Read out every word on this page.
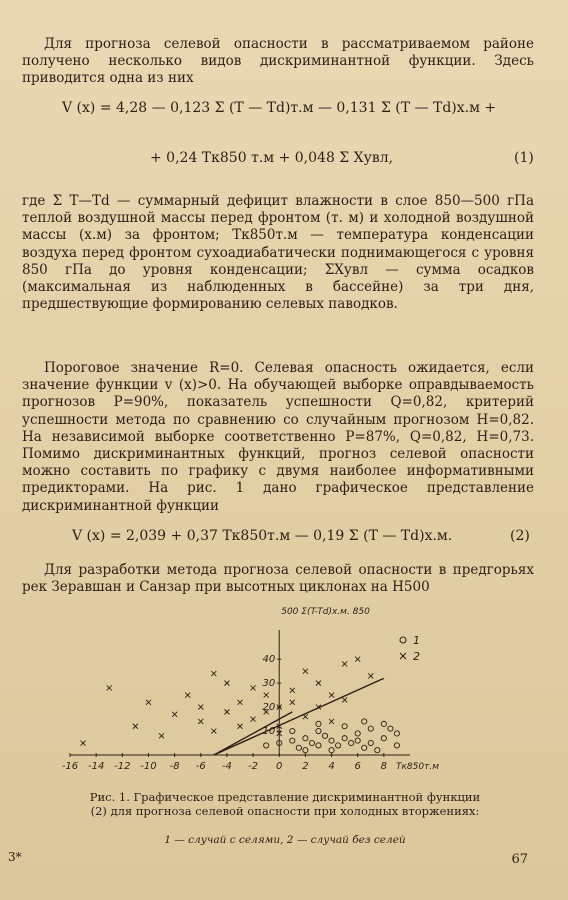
Для прогноза селевой опасности в рассматриваемом районе получено несколько видов дискриминантной функции. Здесь приводится одна из них

V (x) = 4,28 — 0,123 Σ (T — Td)т.м — 0,131 Σ (T — Td)х.м +
+ 0,24 Tк850 т.м + 0,048 Σ Xувл,	(1)

где Σ T—Td — суммарный дефицит влажности в слое 850—500 гПа теплой воздушной массы перед фронтом (т. м) и холодной воздушной массы (х.м) за фронтом; Tк850т.м — температура конденсации воздуха перед фронтом сухоадиабатически поднимающегося с уровня 850 гПа до уровня конденсации; ΣXувл — сумма осадков (максимальная из наблюденных в бассейне) за три дня, предшествующие формированию селевых паводков.

Пороговое значение R=0. Селевая опасность ожидается, если значение функции v (x)>0. На обучающей выборке оправдываемость прогнозов P=90%, показатель успешности Q=0,82, критерий успешности метода по сравнению со случайным прогнозом H=0,82. На независимой выборке соответственно P=87%, Q=0,82, H=0,73. Помимо дискриминантных функций, прогноз селевой опасности можно составить по графику с двумя наиболее информативными предикторами. На рис. 1 дано графическое представление дискриминантной функции

V (x) = 2,039 + 0,37 Tк850т.м — 0,19 Σ (T — Td)х.м.	(2)

Для разработки метода прогноза селевой опасности в предгорьях рек Зеравшан и Санзар при высотных циклонах на H500

-16 -14 -12 -10 -8 -6 -4 -2 0 2 4 6 8
10
20
30
40
Tк850т.м
500 Σ(T-Td)х.м. 850
1
2
Рис. 1. Графическое представление дискриминантной функции (2) для прогноза селевой опасности при холодных вторжениях:
1 — случай с селями, 2 — случай без селей
3*	67
